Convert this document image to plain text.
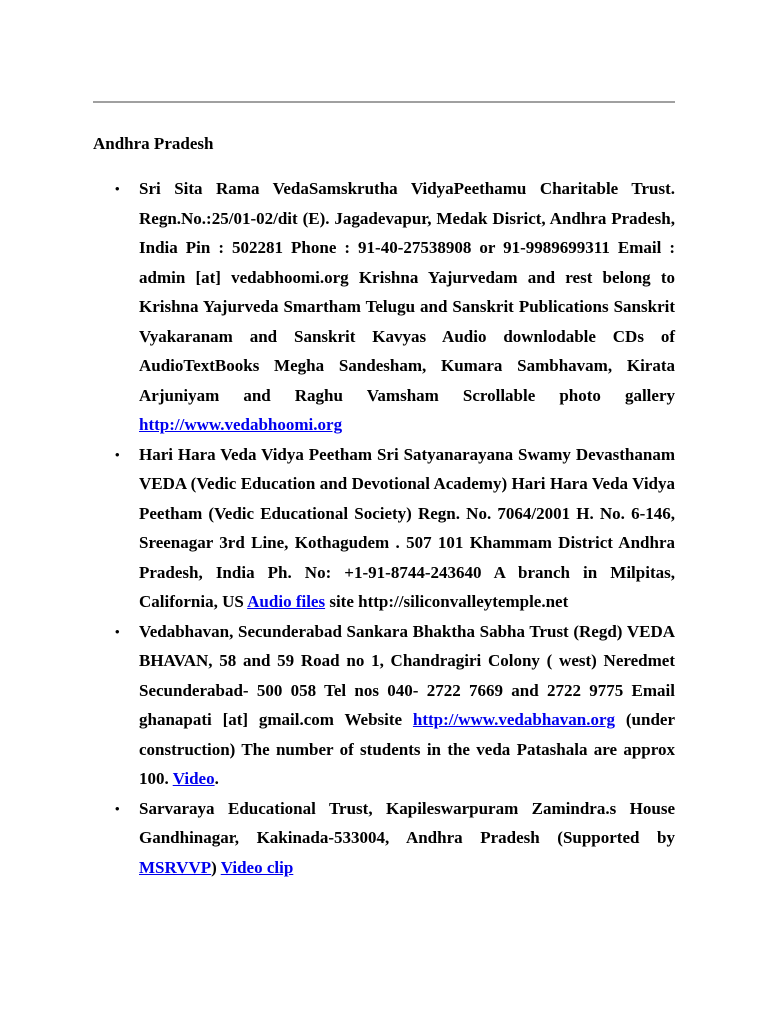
Andhra Pradesh
• Sri Sita Rama VedaSamskrutha VidyaPeethamu Charitable Trust. Regn.No.:25/01-02/dit (E). Jagadevapur, Medak Disrict, Andhra Pradesh, India Pin : 502281 Phone : 91-40-27538908 or 91-9989699311 Email : admin [at] vedabhoomi.org Krishna Yajurvedam and rest belong to Krishna Yajurveda Smartham Telugu and Sanskrit Publications Sanskrit Vyakaranam and Sanskrit Kavyas Audio downlodable CDs of AudioTextBooks Megha Sandesham, Kumara Sambhavam, Kirata Arjuniyam and Raghu Vamsham Scrollable photo gallery http://www.vedabhoomi.org
• Hari Hara Veda Vidya Peetham Sri Satyanarayana Swamy Devasthanam VEDA (Vedic Education and Devotional Academy) Hari Hara Veda Vidya Peetham (Vedic Educational Society) Regn. No. 7064/2001 H. No. 6-146, Sreenagar 3rd Line, Kothagudem . 507 101 Khammam District Andhra Pradesh, India Ph. No: +1-91-8744-243640 A branch in Milpitas, California, US Audio files site http://siliconvalleytemple.net
• Vedabhavan, Secunderabad Sankara Bhaktha Sabha Trust (Regd) VEDA BHAVAN, 58 and 59 Road no 1, Chandragiri Colony ( west) Neredmet Secunderabad- 500 058 Tel nos 040- 2722 7669 and 2722 9775 Email ghanapati [at] gmail.com Website http://www.vedabhavan.org (under construction) The number of students in the veda Patashala are approx 100. Video.
• Sarvaraya Educational Trust, Kapileswarpuram Zamindra.s House Gandhinagar, Kakinada-533004, Andhra Pradesh (Supported by MSRVVP) Video clip
